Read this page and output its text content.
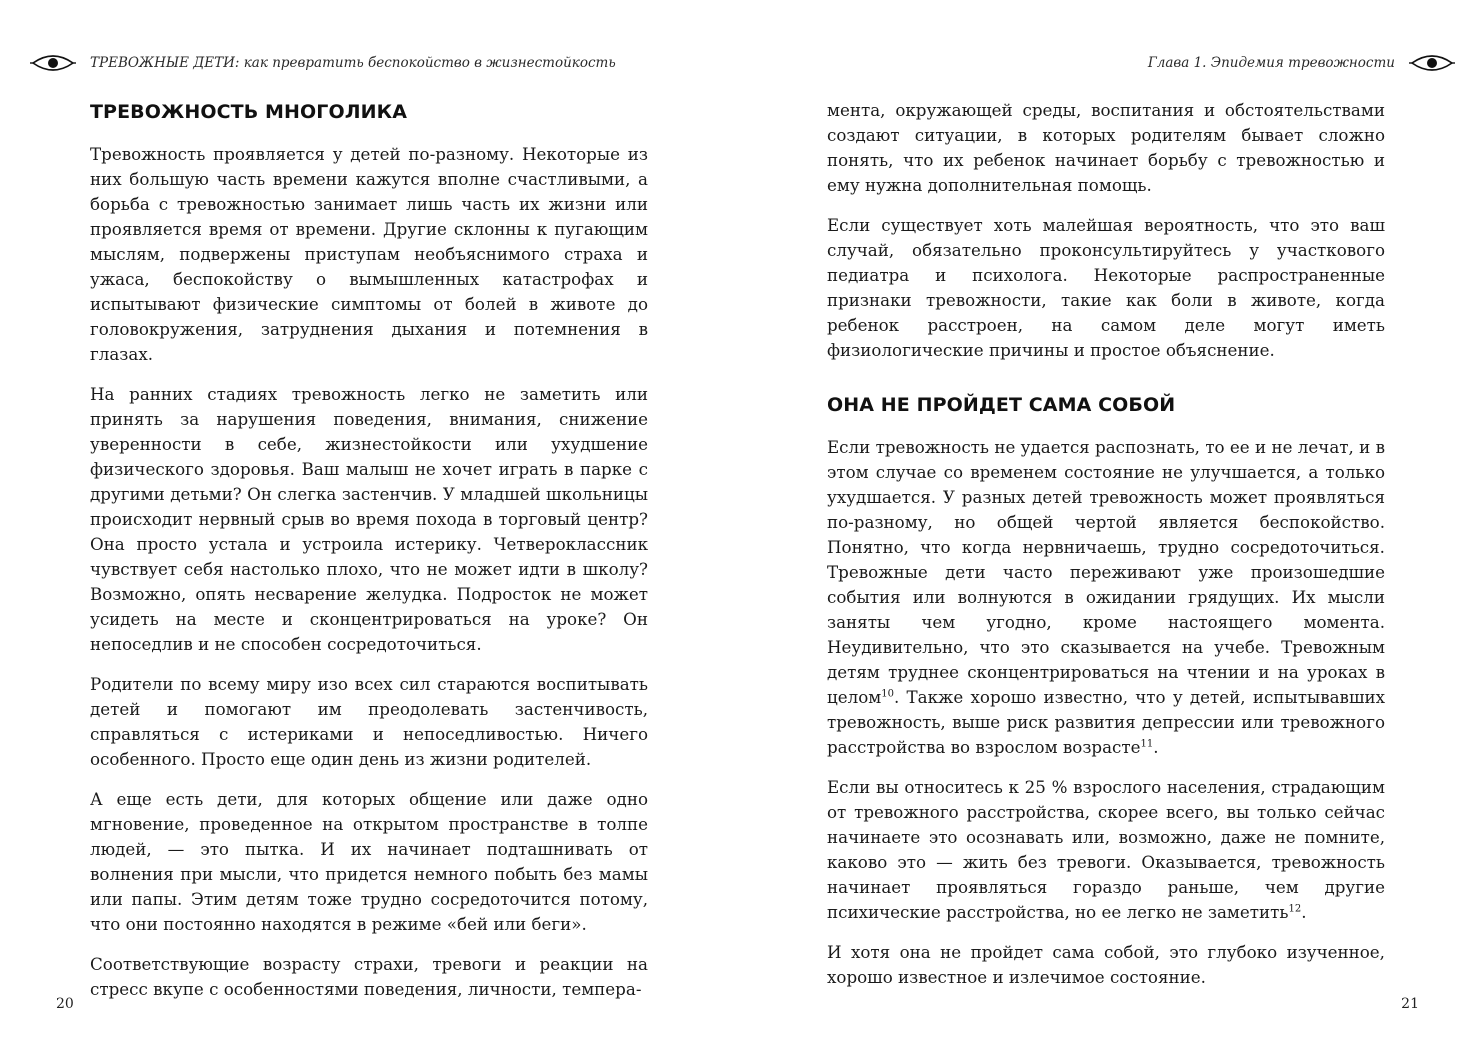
ТРЕВОЖНЫЕ ДЕТИ: как превратить беспокойство в жизнестойкость
ТРЕВОЖНОСТЬ МНОГОЛИКА

Тревожность проявляется у детей по-разному. Некоторые из них большую часть времени кажутся вполне счастливыми, а борьба с тревожностью занимает лишь часть их жизни или проявляется время от времени. Другие склонны к пугающим мыслям, подвержены приступам необъяснимого страха и ужаса, беспокойству о вымышленных катастрофах и испытывают физические симптомы от болей в животе до головокружения, затруднения дыхания и потемнения в глазах.

На ранних стадиях тревожность легко не заметить или принять за нарушения поведения, внимания, снижение уверенности в себе, жизнестойкости или ухудшение физического здоровья. Ваш малыш не хочет играть в парке с другими детьми? Он слегка застенчив. У младшей школьницы происходит нервный срыв во время похода в торговый центр? Она просто устала и устроила истерику. Четвероклассник чувствует себя настолько плохо, что не может идти в школу? Возможно, опять несварение желудка. Подросток не может усидеть на месте и сконцентрироваться на уроке? Он непоседлив и не способен сосредоточиться.

Родители по всему миру изо всех сил стараются воспитывать детей и помогают им преодолевать застенчивость, справляться с истериками и непоседливостью. Ничего особенного. Просто еще один день из жизни родителей.

А еще есть дети, для которых общение или даже одно мгновение, проведенное на открытом пространстве в толпе людей, — это пытка. И их начинает подташнивать от волнения при мысли, что придется немного побыть без мамы или папы. Этим детям тоже трудно сосредоточится потому, что они постоянно находятся в режиме «бей или беги».

Соответствующие возрасту страхи, тревоги и реакции на стресс вкупе с особенностями поведения, личности, темпера-

20
Глава 1. Эпидемия тревожности

мента, окружающей среды, воспитания и обстоятельствами создают ситуации, в которых родителям бывает сложно понять, что их ребенок начинает борьбу с тревожностью и ему нужна дополнительная помощь.

Если существует хоть малейшая вероятность, что это ваш случай, обязательно проконсультируйтесь у участкового педиатра и психолога. Некоторые распространенные признаки тревожности, такие как боли в животе, когда ребенок расстроен, на самом деле могут иметь физиологические причины и простое объяснение.

ОНА НЕ ПРОЙДЕТ САМА СОБОЙ

Если тревожность не удается распознать, то ее и не лечат, и в этом случае со временем состояние не улучшается, а только ухудшается. У разных детей тревожность может проявляться по-разному, но общей чертой является беспокойство. Понятно, что когда нервничаешь, трудно сосредоточиться. Тревожные дети часто переживают уже произошедшие события или волнуются в ожидании грядущих. Их мысли заняты чем угодно, кроме настоящего момента. Неудивительно, что это сказывается на учебе. Тревожным детям труднее сконцентрироваться на чтении и на уроках в целом$^{10}$. Также хорошо известно, что у детей, испытывавших тревожность, выше риск развития депрессии или тревожного расстройства во взрослом возрасте$^{11}$.

Если вы относитесь к 25 % взрослого населения, страдающим от тревожного расстройства, скорее всего, вы только сейчас начинаете это осознавать или, возможно, даже не помните, каково это — жить без тревоги. Оказывается, тревожность начинает проявляться гораздо раньше, чем другие психические расстройства, но ее легко не заметить$^{12}$.

И хотя она не пройдет сама собой, это глубоко изученное, хорошо известное и излечимое состояние.

21
